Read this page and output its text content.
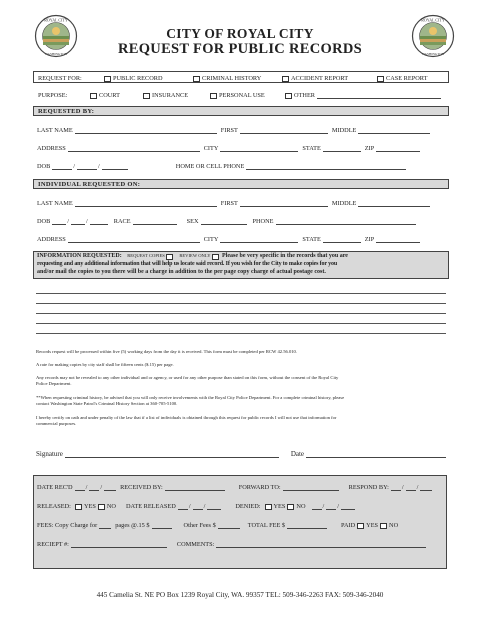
ROYAL CITY
WASHINGTON
ROYAL CITY
WASHINGTON
CITY OF ROYAL CITY
REQUEST FOR PUBLIC RECORDS
REQUEST FOR:	PUBLIC RECORD	CRIMINAL HISTORY	ACCIDENT REPORT	CASE REPORT
PURPOSE:	COURT	INSURANCE	PERSONAL USE	OTHER
REQUESTED BY:
LAST NAME	FIRST	MIDDLE
ADDRESS	CITY	STATE	ZIP
DOB	/	/	HOME OR CELL PHONE
INDIVIDUAL REQUESTED ON:
LAST NAME	FIRST	MIDDLE
DOB	/	/	RACE	SEX	PHONE
ADDRESS	CITY	STATE	ZIP
INFORMATION REQUESTED: REQUEST COPIES	REVIEW ONLY Please be very specific in the records that you are
requesting and any additional information that will help us locate said record. If you wish for the City to make copies for you
and/or mail the copies to you there will be a charge in addition to the per page copy charge of actual postage cost.
Records request will be processed within five (5) working days from the day it is received. This form must be completed per RCW 42.56.010.
A rate for making copies by city staff shall be fifteen cents ($.15) per page.
Any records may not be revealed to any other individual and or agency, or used for any other purpose than stated on this form, without the consent of the Royal City
Police Department.
**When requesting criminal history, be advised that you will only receive involvements with the Royal City Police Department. For a complete criminal history, please
contact Washington State Patrol's Criminal History Section at 360-705-5100.
I hereby certify on oath and under penalty of the law that if a list of individuals is obtained through this request for public records I will not use that information for
commercial purposes.
Signature	Date
DATE REC'D / /	RECEIVED BY:	FORWARD TO:	RESPOND BY: / /
RELEASED: YES NO DATE RELEASED / /	DENIED: YES NO	/ /
FEES: Copy Charge for	pages @.15 $	Other Fees $	TOTAL FEE $	PAID YES NO
RECIEPT #:	COMMENTS:
445 Camelia St. NE PO Box 1239 Royal City, WA. 99357 TEL: 509-346-2263 FAX: 509-346-2040
